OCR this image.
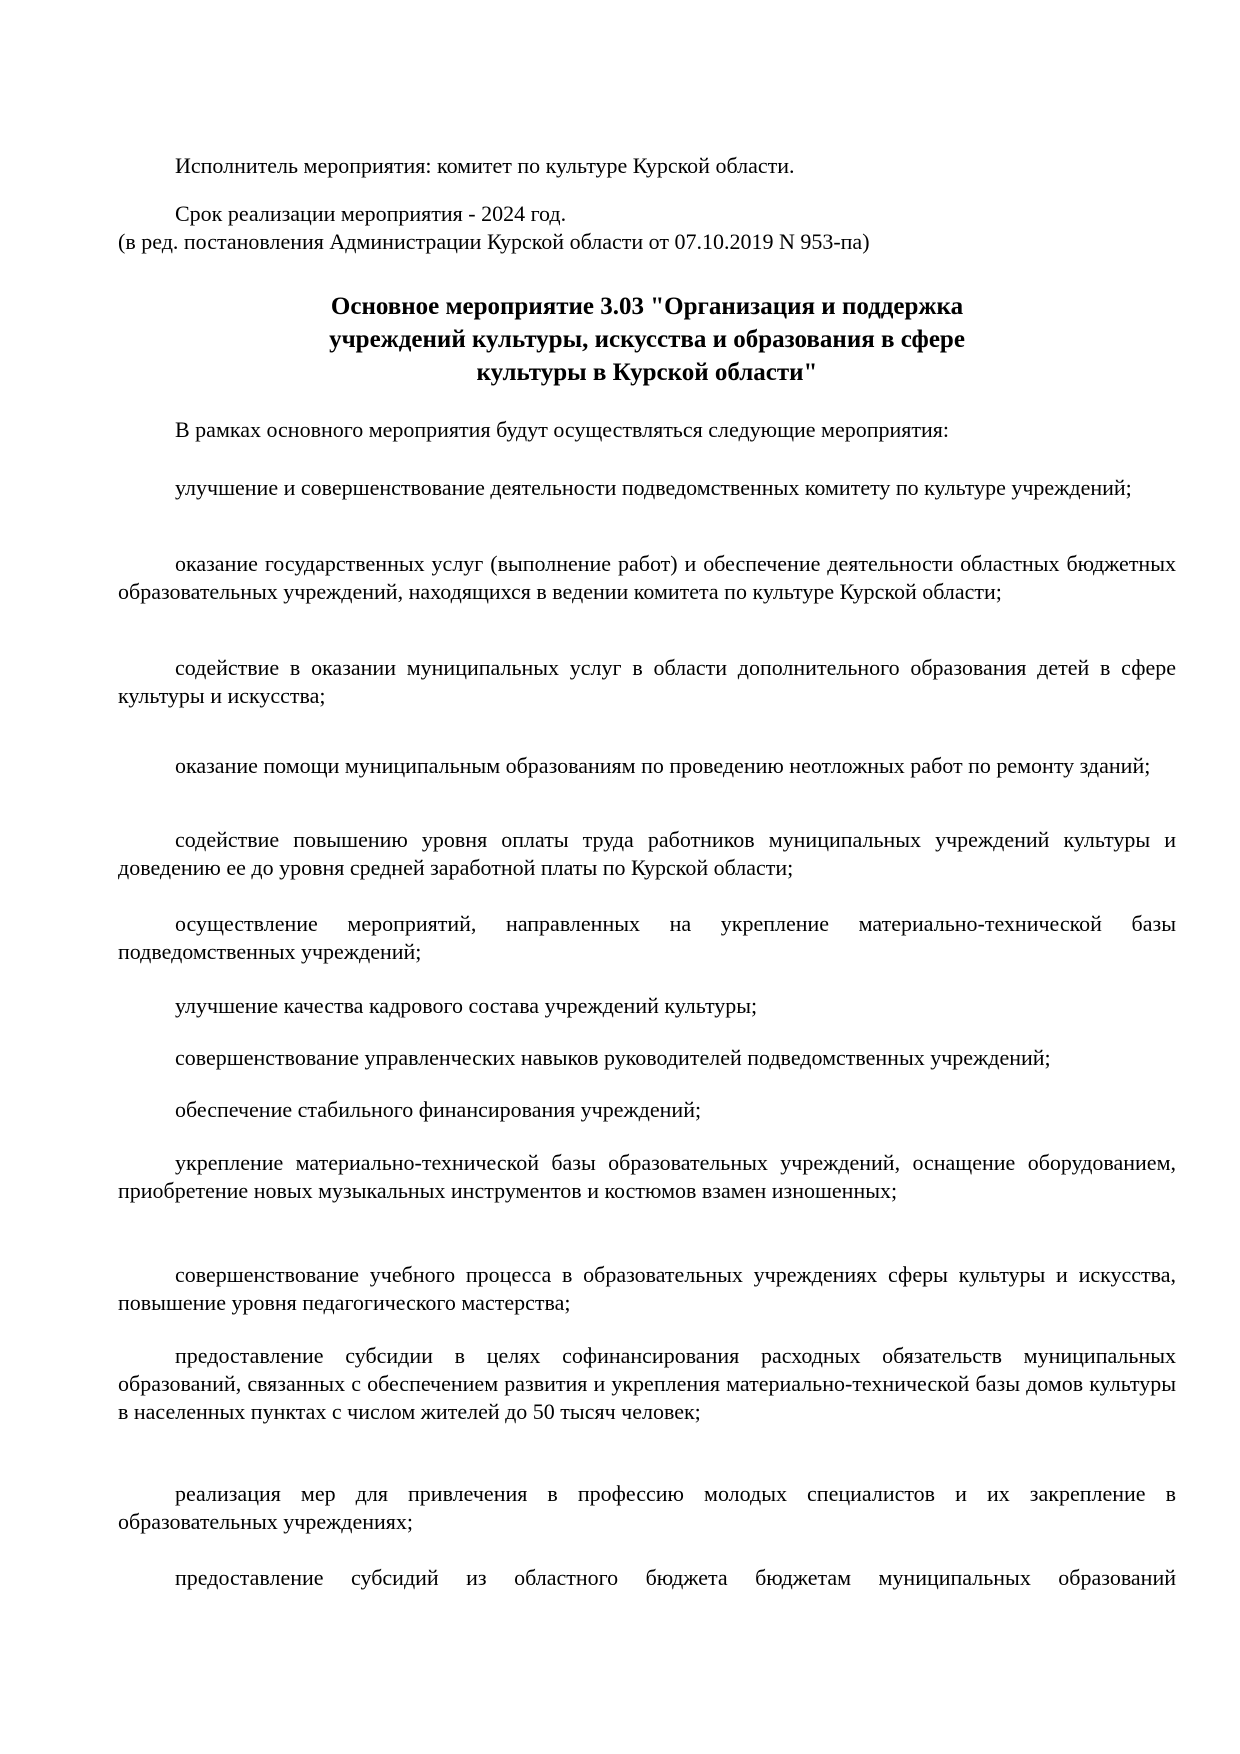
Исполнитель мероприятия: комитет по культуре Курской области.

Срок реализации мероприятия - 2024 год.

(в ред. постановления Администрации Курской области от 07.10.2019 N 953-па)

Основное мероприятие 3.03 "Организация и поддержка
учреждений культуры, искусства и образования в сфере
культуры в Курской области"

В рамках основного мероприятия будут осуществляться следующие мероприятия:

улучшение и совершенствование деятельности подведомственных комитету по культуре учреждений;

оказание государственных услуг (выполнение работ) и обеспечение деятельности областных бюджетных образовательных учреждений, находящихся в ведении комитета по культуре Курской области;

содействие в оказании муниципальных услуг в области дополнительного образования детей в сфере культуры и искусства;

оказание помощи муниципальным образованиям по проведению неотложных работ по ремонту зданий;

содействие повышению уровня оплаты труда работников муниципальных учреждений культуры и доведению ее до уровня средней заработной платы по Курской области;

осуществление мероприятий, направленных на укрепление материально-технической базы подведомственных учреждений;

улучшение качества кадрового состава учреждений культуры;

совершенствование управленческих навыков руководителей подведомственных учреждений;

обеспечение стабильного финансирования учреждений;

укрепление материально-технической базы образовательных учреждений, оснащение оборудованием, приобретение новых музыкальных инструментов и костюмов взамен изношенных;

совершенствование учебного процесса в образовательных учреждениях сферы культуры и искусства, повышение уровня педагогического мастерства;

предоставление субсидии в целях софинансирования расходных обязательств муниципальных образований, связанных с обеспечением развития и укрепления материально-технической базы домов культуры в населенных пунктах с числом жителей до 50 тысяч человек;

реализация мер для привлечения в профессию молодых специалистов и их закрепление в образовательных учреждениях;

предоставление субсидий из областного бюджета бюджетам муниципальных образований
